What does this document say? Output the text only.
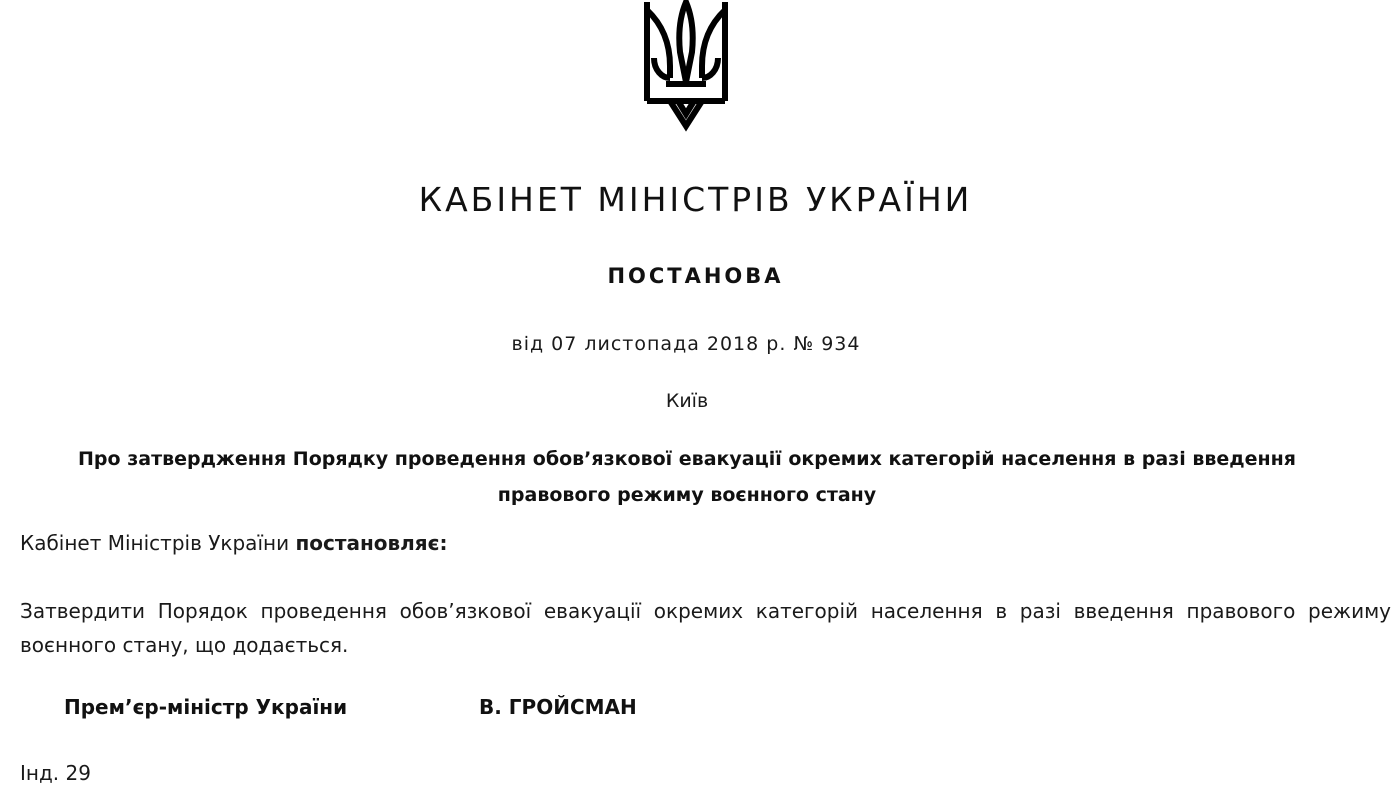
КАБІНЕТ МІНІСТРІВ УКРАЇНИ
ПОСТАНОВА
від 07 листопада 2018 р. № 934
Київ
Про затвердження Порядку проведення обов’язкової евакуації окремих категорій населення в разі введення
правового режиму воєнного стану
Кабінет Міністрів України постановляє:

Затвердити Порядок проведення обов’язкової евакуації окремих категорій населення в разі введення правового режиму воєнного стану, що додається.

Прем’єр-міністр України	В. ГРОЙСМАН
Інд. 29
